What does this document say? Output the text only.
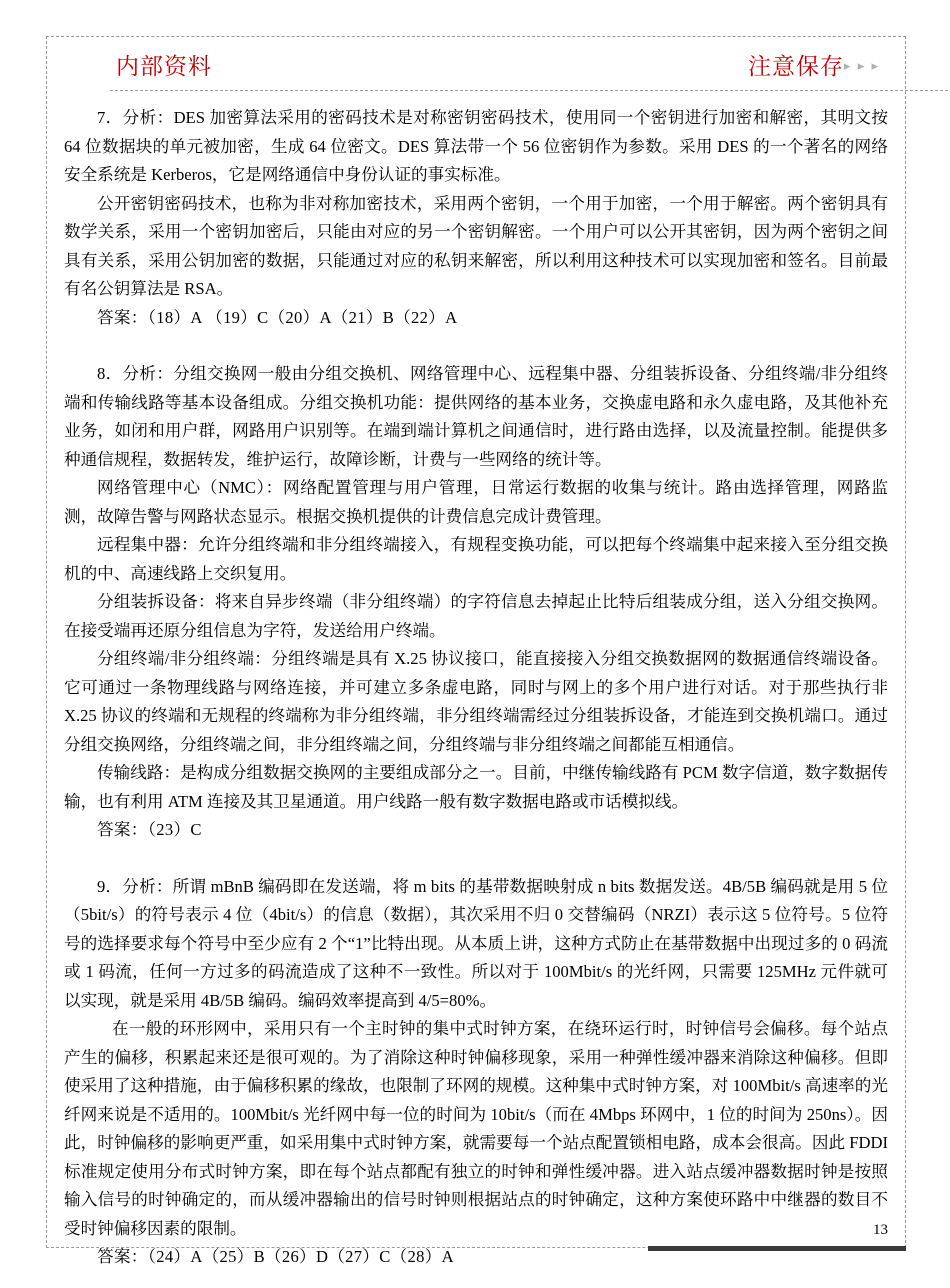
内部资料	注意保存 ▸ ▸ ▸

7．分析：DES 加密算法采用的密码技术是对称密钥密码技术，使用同一个密钥进行加密和解密，其明文按 64 位数据块的单元被加密，生成 64 位密文。DES 算法带一个 56 位密钥作为参数。采用 DES 的一个著名的网络安全系统是 Kerberos，它是网络通信中身份认证的事实标准。

公开密钥密码技术，也称为非对称加密技术，采用两个密钥，一个用于加密，一个用于解密。两个密钥具有数学关系，采用一个密钥加密后，只能由对应的另一个密钥解密。一个用户可以公开其密钥，因为两个密钥之间具有关系，采用公钥加密的数据，只能通过对应的私钥来解密，所以利用这种技术可以实现加密和签名。目前最有名公钥算法是 RSA。

答案：（18）A （19）C（20）A（21）B（22）A

8．分析：分组交换网一般由分组交换机、网络管理中心、远程集中器、分组装拆设备、分组终端/非分组终端和传输线路等基本设备组成。分组交换机功能：提供网络的基本业务，交换虚电路和永久虚电路，及其他补充业务，如闭和用户群，网路用户识别等。在端到端计算机之间通信时，进行路由选择，以及流量控制。能提供多种通信规程，数据转发，维护运行，故障诊断，计费与一些网络的统计等。

网络管理中心（NMC）：网络配置管理与用户管理，日常运行数据的收集与统计。路由选择管理，网路监测，故障告警与网路状态显示。根据交换机提供的计费信息完成计费管理。

远程集中器：允许分组终端和非分组终端接入，有规程变换功能，可以把每个终端集中起来接入至分组交换机的中、高速线路上交织复用。

分组装拆设备：将来自异步终端（非分组终端）的字符信息去掉起止比特后组装成分组，送入分组交换网。在接受端再还原分组信息为字符，发送给用户终端。

分组终端/非分组终端：分组终端是具有 X.25 协议接口，能直接接入分组交换数据网的数据通信终端设备。它可通过一条物理线路与网络连接，并可建立多条虚电路，同时与网上的多个用户进行对话。对于那些执行非 X.25 协议的终端和无规程的终端称为非分组终端，非分组终端需经过分组装拆设备，才能连到交换机端口。通过分组交换网络，分组终端之间，非分组终端之间，分组终端与非分组终端之间都能互相通信。

传输线路：是构成分组数据交换网的主要组成部分之一。目前，中继传输线路有 PCM 数字信道，数字数据传输，也有利用 ATM 连接及其卫星通道。用户线路一般有数字数据电路或市话模拟线。

答案：（23）C

9．分析：所谓 mBnB 编码即在发送端，将 m bits 的基带数据映射成 n bits 数据发送。4B/5B 编码就是用 5 位（5bit/s）的符号表示 4 位（4bit/s）的信息（数据），其次采用不归 0 交替编码（NRZI）表示这 5 位符号。5 位符号的选择要求每个符号中至少应有 2 个“1”比特出现。从本质上讲，这种方式防止在基带数据中出现过多的 0 码流或 1 码流，任何一方过多的码流造成了这种不一致性。所以对于 100Mbit/s 的光纤网，只需要 125MHz 元件就可以实现，就是采用 4B/5B 编码。编码效率提高到 4/5=80%。

在一般的环形网中，采用只有一个主时钟的集中式时钟方案，在绕环运行时，时钟信号会偏移。每个站点产生的偏移，积累起来还是很可观的。为了消除这种时钟偏移现象，采用一种弹性缓冲器来消除这种偏移。但即使采用了这种措施，由于偏移积累的缘故，也限制了环网的规模。这种集中式时钟方案，对 100Mbit/s 高速率的光纤网来说是不适用的。100Mbit/s 光纤网中每一位的时间为 10bit/s（而在 4Mbps 环网中，1 位的时间为 250ns）。因此，时钟偏移的影响更严重，如采用集中式时钟方案，就需要每一个站点配置锁相电路，成本会很高。因此 FDDI 标准规定使用分布式时钟方案，即在每个站点都配有独立的时钟和弹性缓冲器。进入站点缓冲器数据时钟是按照输入信号的时钟确定的，而从缓冲器输出的信号时钟则根据站点的时钟确定，这种方案使环路中中继器的数目不受时钟偏移因素的限制。

答案：（24）A（25）B（26）D（27）C（28）A

13
